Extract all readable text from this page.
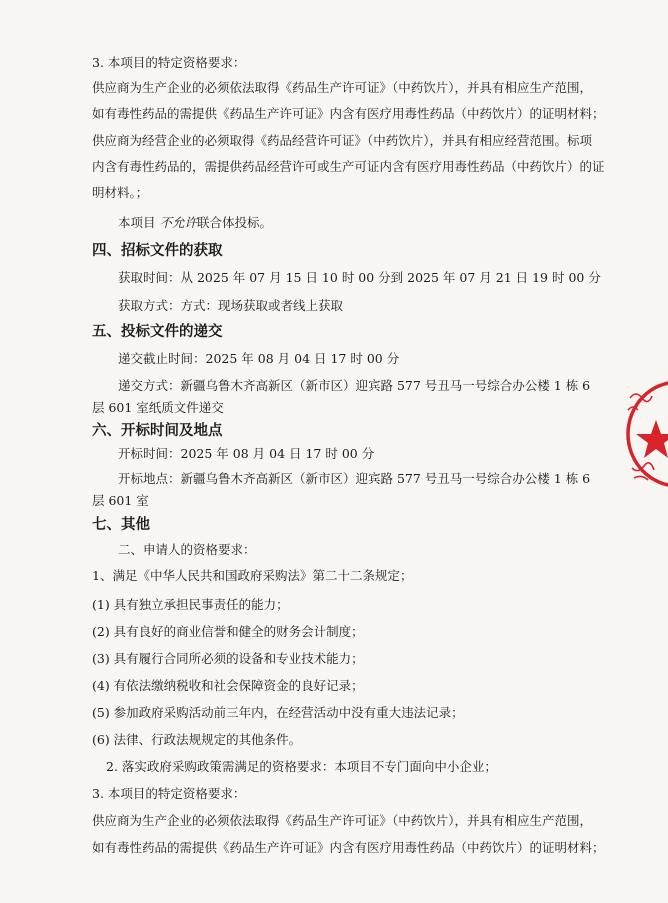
3. 本项目的特定资格要求：
供应商为生产企业的必须依法取得《药品生产许可证》（中药饮片），并具有相应生产范围，
如有毒性药品的需提供《药品生产许可证》内含有医疗用毒性药品（中药饮片）的证明材料；
供应商为经营企业的必须取得《药品经营许可证》（中药饮片），并具有相应经营范围。标项
内含有毒性药品的，需提供药品经营许可或生产可证内含有医疗用毒性药品（中药饮片）的证
明材料。；
本项目 不允许联合体投标。
四、招标文件的获取
获取时间：从 2025 年 07 月 15 日 10 时 00 分到 2025 年 07 月 21 日 19 时 00 分
获取方式：方式：现场获取或者线上获取
五、投标文件的递交
递交截止时间：2025 年 08 月 04 日 17 时 00 分
递交方式：新疆乌鲁木齐高新区（新市区）迎宾路 577 号丑马一号综合办公楼 1 栋 6
层 601 室纸质文件递交
六、开标时间及地点
开标时间：2025 年 08 月 04 日 17 时 00 分
开标地点：新疆乌鲁木齐高新区（新市区）迎宾路 577 号丑马一号综合办公楼 1 栋 6
层 601 室
七、其他
二、申请人的资格要求：
1、满足《中华人民共和国政府采购法》第二十二条规定；
(1) 具有独立承担民事责任的能力；
(2) 具有良好的商业信誉和健全的财务会计制度；
(3) 具有履行合同所必须的设备和专业技术能力；
(4) 有依法缴纳税收和社会保障资金的良好记录；
(5) 参加政府采购活动前三年内，在经营活动中没有重大违法记录；
(6) 法律、行政法规规定的其他条件。
2. 落实政府采购政策需满足的资格要求：本项目不专门面向中小企业；
3. 本项目的特定资格要求：
供应商为生产企业的必须依法取得《药品生产许可证》（中药饮片），并具有相应生产范围，
如有毒性药品的需提供《药品生产许可证》内含有医疗用毒性药品（中药饮片）的证明材料；
